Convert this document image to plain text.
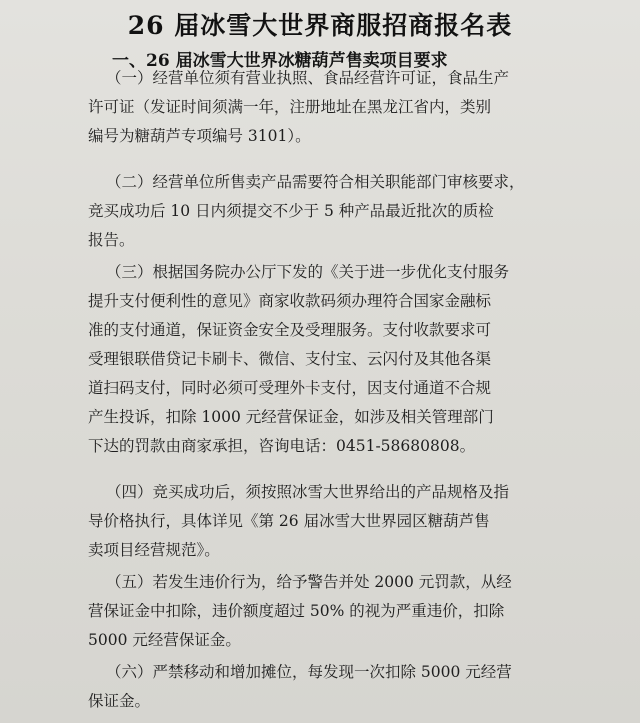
26 届冰雪大世界商服招商报名表
一、26 届冰雪大世界冰糖葫芦售卖项目要求
（一）经营单位须有营业执照、食品经营许可证，食品生产
许可证（发证时间须满一年，注册地址在黑龙江省内，类别
编号为糖葫芦专项编号 3101）。
（二）经营单位所售卖产品需要符合相关职能部门审核要求，
竞买成功后 10 日内须提交不少于 5 种产品最近批次的质检
报告。
（三）根据国务院办公厅下发的《关于进一步优化支付服务
提升支付便利性的意见》商家收款码须办理符合国家金融标
准的支付通道，保证资金安全及受理服务。支付收款要求可
受理银联借贷记卡刷卡、微信、支付宝、云闪付及其他各渠
道扫码支付，同时必须可受理外卡支付，因支付通道不合规
产生投诉，扣除 1000 元经营保证金，如涉及相关管理部门
下达的罚款由商家承担，咨询电话：0451-58680808。
（四）竞买成功后，须按照冰雪大世界给出的产品规格及指
导价格执行，具体详见《第 26 届冰雪大世界园区糖葫芦售
卖项目经营规范》。
（五）若发生违价行为，给予警告并处 2000 元罚款，从经
营保证金中扣除，违价额度超过 50% 的视为严重违价，扣除
5000 元经营保证金。
（六）严禁移动和增加摊位，每发现一次扣除 5000 元经营
保证金。
